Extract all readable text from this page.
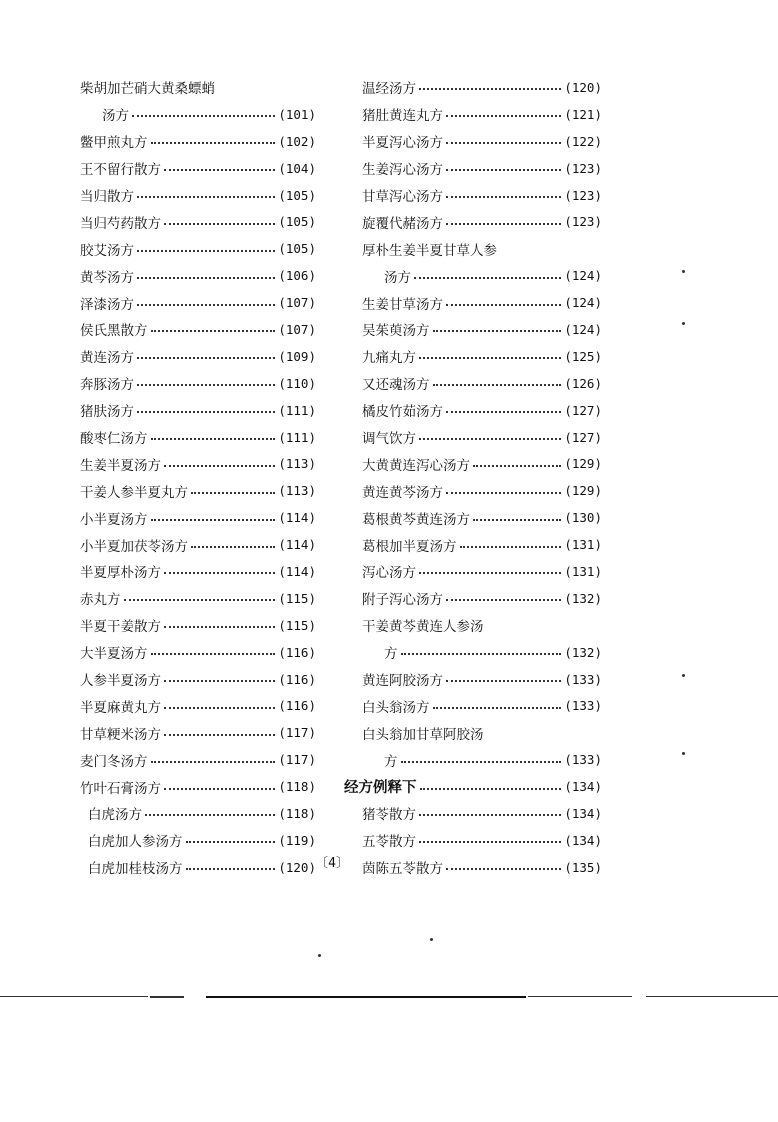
柴胡加芒硝大黄桑螵蛸
汤方	(101)
鳖甲煎丸方	(102)
王不留行散方	(104)
当归散方	(105)
当归芍药散方	(105)
胶艾汤方	(105)
黄芩汤方	(106)
泽漆汤方	(107)
侯氏黑散方	(107)
黄连汤方	(109)
奔豚汤方	(110)
猪肤汤方	(111)
酸枣仁汤方	(111)
生姜半夏汤方	(113)
干姜人参半夏丸方	(113)
小半夏汤方	(114)
小半夏加茯苓汤方	(114)
半夏厚朴汤方	(114)
赤丸方	(115)
半夏干姜散方	(115)
大半夏汤方	(116)
人参半夏汤方	(116)
半夏麻黄丸方	(116)
甘草粳米汤方	(117)
麦门冬汤方	(117)
竹叶石膏汤方	(118)
白虎汤方	(118)
白虎加人参汤方	(119)
白虎加桂枝汤方	(120)
温经汤方	(120)
猪肚黄连丸方	(121)
半夏泻心汤方	(122)
生姜泻心汤方	(123)
甘草泻心汤方	(123)
旋覆代赭汤方	(123)
厚朴生姜半夏甘草人参
汤方	(124)
生姜甘草汤方	(124)
吴茱萸汤方	(124)
九痛丸方	(125)
又还魂汤方	(126)
橘皮竹茹汤方	(127)
调气饮方	(127)
大黄黄连泻心汤方	(129)
黄连黄芩汤方	(129)
葛根黄芩黄连汤方	(130)
葛根加半夏汤方	(131)
泻心汤方	(131)
附子泻心汤方	(132)
干姜黄芩黄连人参汤
方	(132)
黄连阿胶汤方	(133)
白头翁汤方	(133)
白头翁加甘草阿胶汤
方	(133)
经方例释下	(134)
猪苓散方	(134)
五苓散方	(134)
茵陈五苓散方	(135)
〔4〕
